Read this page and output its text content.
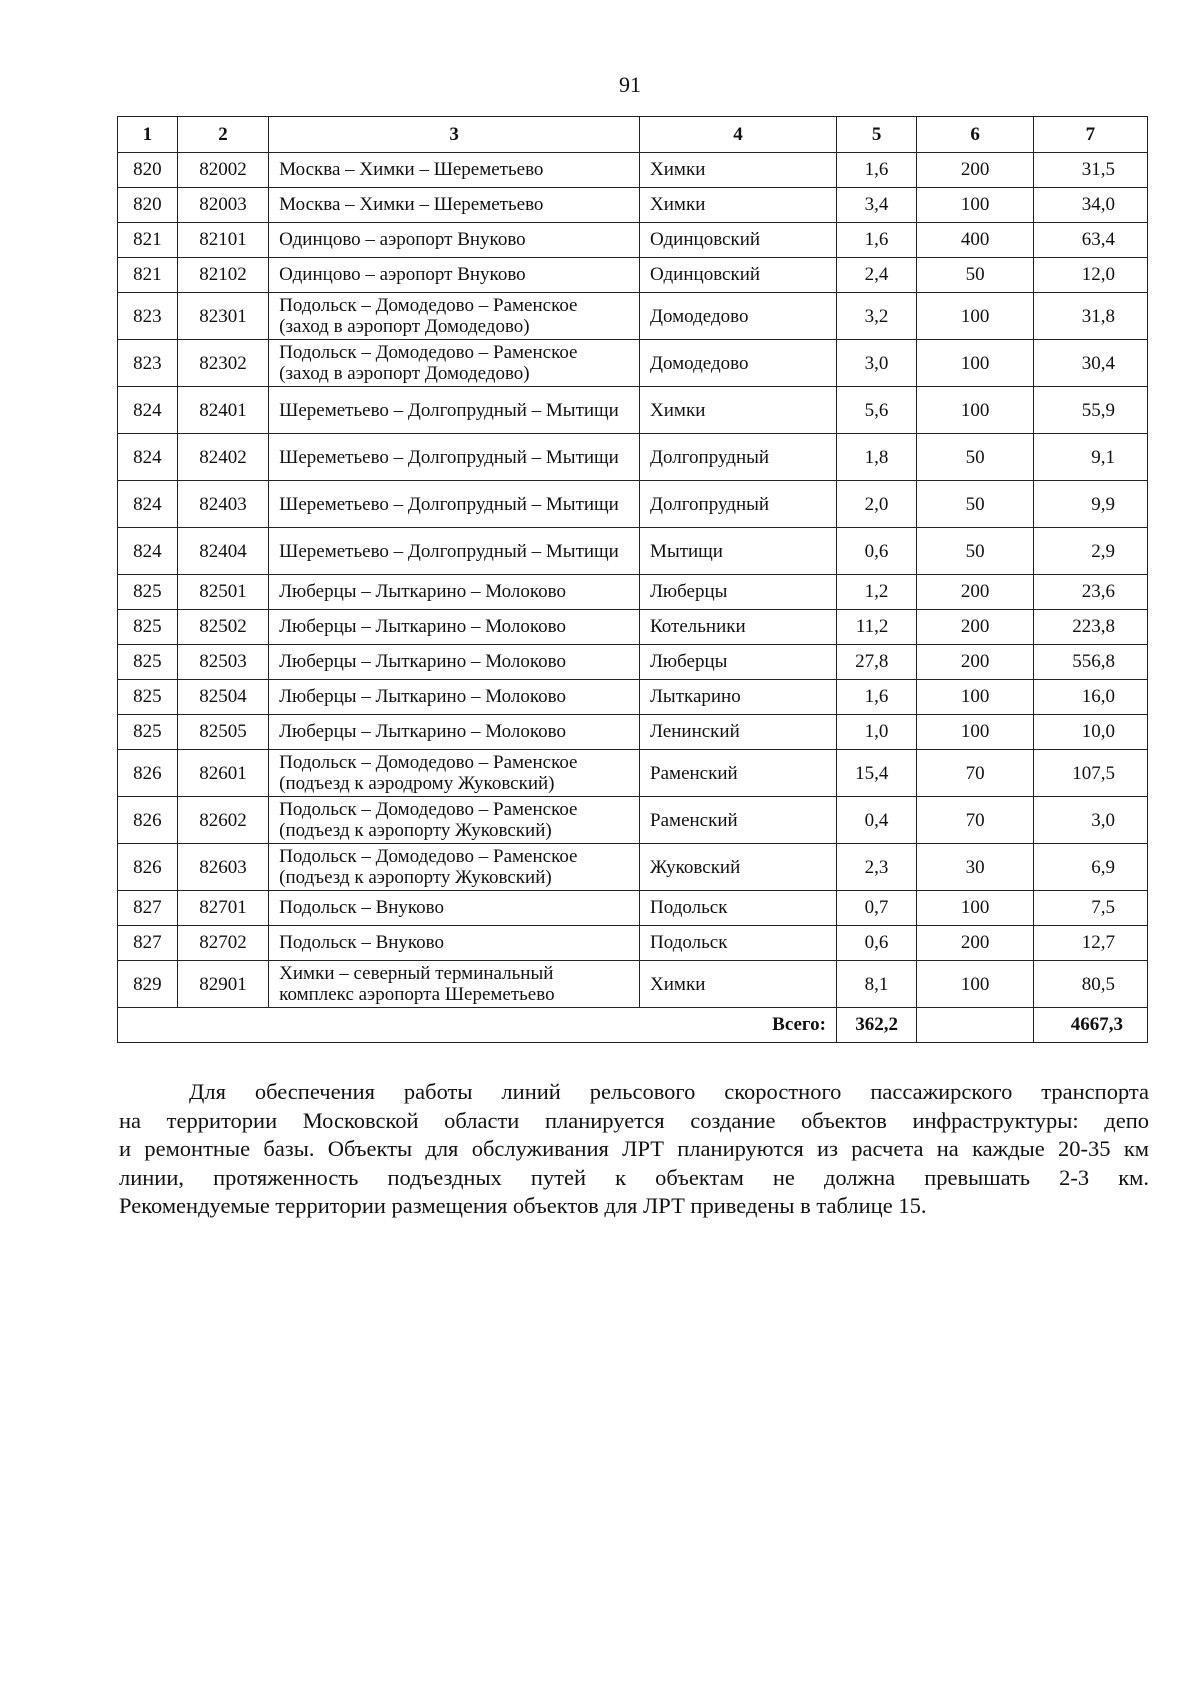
91
1	2	3	4	5	6	7
820	82002	Москва – Химки – Шереметьево	Химки	1,6	200	31,5
820	82003	Москва – Химки – Шереметьево	Химки	3,4	100	34,0
821	82101	Одинцово – аэропорт Внуково	Одинцовский	1,6	400	63,4
821	82102	Одинцово – аэропорт Внуково	Одинцовский	2,4	50	12,0
823	82301	Подольск – Домодедово – Раменское (заход в аэропорт Домодедово)	Домодедово	3,2	100	31,8
823	82302	Подольск – Домодедово – Раменское (заход в аэропорт Домодедово)	Домодедово	3,0	100	30,4
824	82401	Шереметьево – Долгопрудный – Мытищи	Химки	5,6	100	55,9
824	82402	Шереметьево – Долгопрудный – Мытищи	Долгопрудный	1,8	50	9,1
824	82403	Шереметьево – Долгопрудный – Мытищи	Долгопрудный	2,0	50	9,9
824	82404	Шереметьево – Долгопрудный – Мытищи	Мытищи	0,6	50	2,9
825	82501	Люберцы – Лыткарино – Молоково	Люберцы	1,2	200	23,6
825	82502	Люберцы – Лыткарино – Молоково	Котельники	11,2	200	223,8
825	82503	Люберцы – Лыткарино – Молоково	Люберцы	27,8	200	556,8
825	82504	Люберцы – Лыткарино – Молоково	Лыткарино	1,6	100	16,0
825	82505	Люберцы – Лыткарино – Молоково	Ленинский	1,0	100	10,0
826	82601	Подольск – Домодедово – Раменское (подъезд к аэродрому Жуковский)	Раменский	15,4	70	107,5
826	82602	Подольск – Домодедово – Раменское (подъезд к аэропорту Жуковский)	Раменский	0,4	70	3,0
826	82603	Подольск – Домодедово – Раменское (подъезд к аэропорту Жуковский)	Жуковский	2,3	30	6,9
827	82701	Подольск – Внуково	Подольск	0,7	100	7,5
827	82702	Подольск – Внуково	Подольск	0,6	200	12,7
829	82901	Химки – северный терминальный комплекс аэропорта Шереметьево	Химки	8,1	100	80,5
Всего:				362,2		4667,3

Для обеспечения работы линий рельсового скоростного пассажирского транспорта
на территории Московской области планируется создание объектов инфраструктуры: депо
и ремонтные базы. Объекты для обслуживания ЛРТ планируются из расчета на каждые 20-35 км
линии, протяженность подъездных путей к объектам не должна превышать 2-3 км.
Рекомендуемые территории размещения объектов для ЛРТ приведены в таблице 15.
